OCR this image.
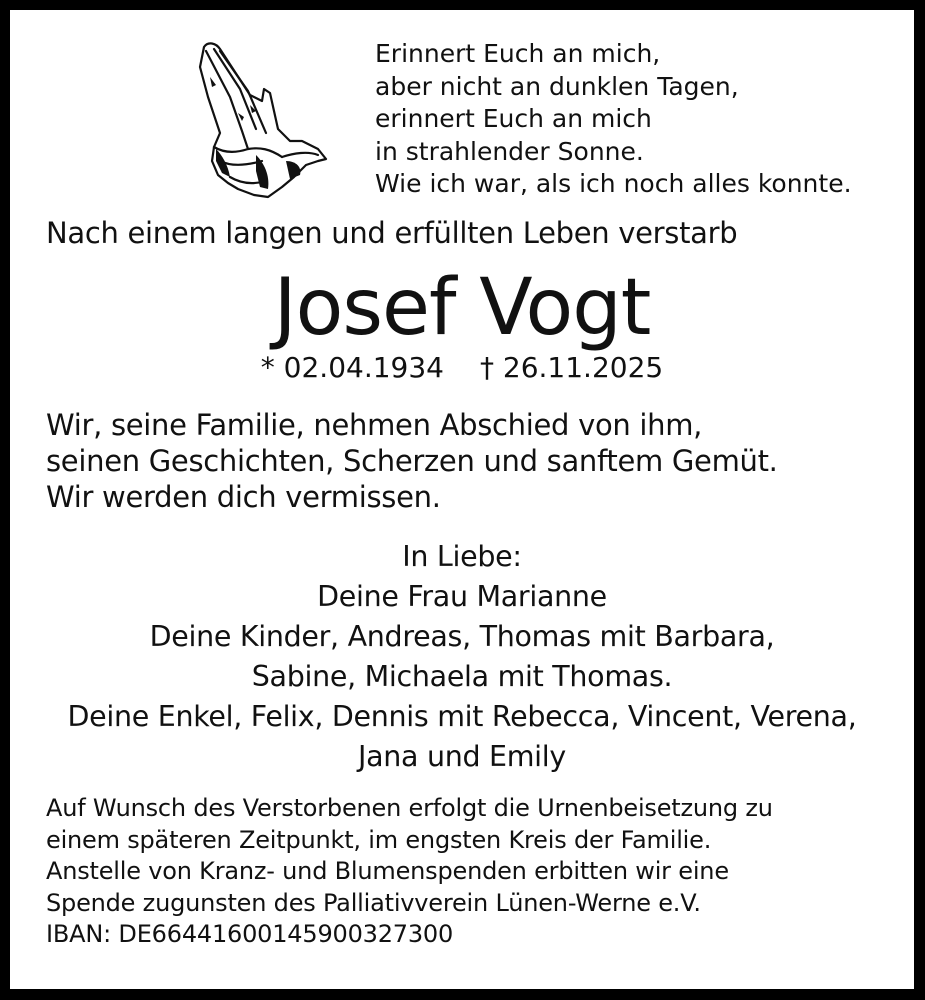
Erinnert Euch an mich,
aber nicht an dunklen Tagen,
erinnert Euch an mich
in strahlender Sonne.
Wie ich war, als ich noch alles konnte.
Nach einem langen und erfüllten Leben verstarb
Josef Vogt
* 02.04.1934 † 26.11.2025
Wir, seine Familie, nehmen Abschied von ihm,
seinen Geschichten, Scherzen und sanftem Gemüt.
Wir werden dich vermissen.
In Liebe:
Deine Frau Marianne
Deine Kinder, Andreas, Thomas mit Barbara,
Sabine, Michaela mit Thomas.
Deine Enkel, Felix, Dennis mit Rebecca, Vincent, Verena,
Jana und Emily
Auf Wunsch des Verstorbenen erfolgt die Urnenbeisetzung zu
einem späteren Zeitpunkt, im engsten Kreis der Familie.
Anstelle von Kranz- und Blumenspenden erbitten wir eine
Spende zugunsten des Palliativverein Lünen-Werne e.V.
IBAN: DE66441600145900327300
